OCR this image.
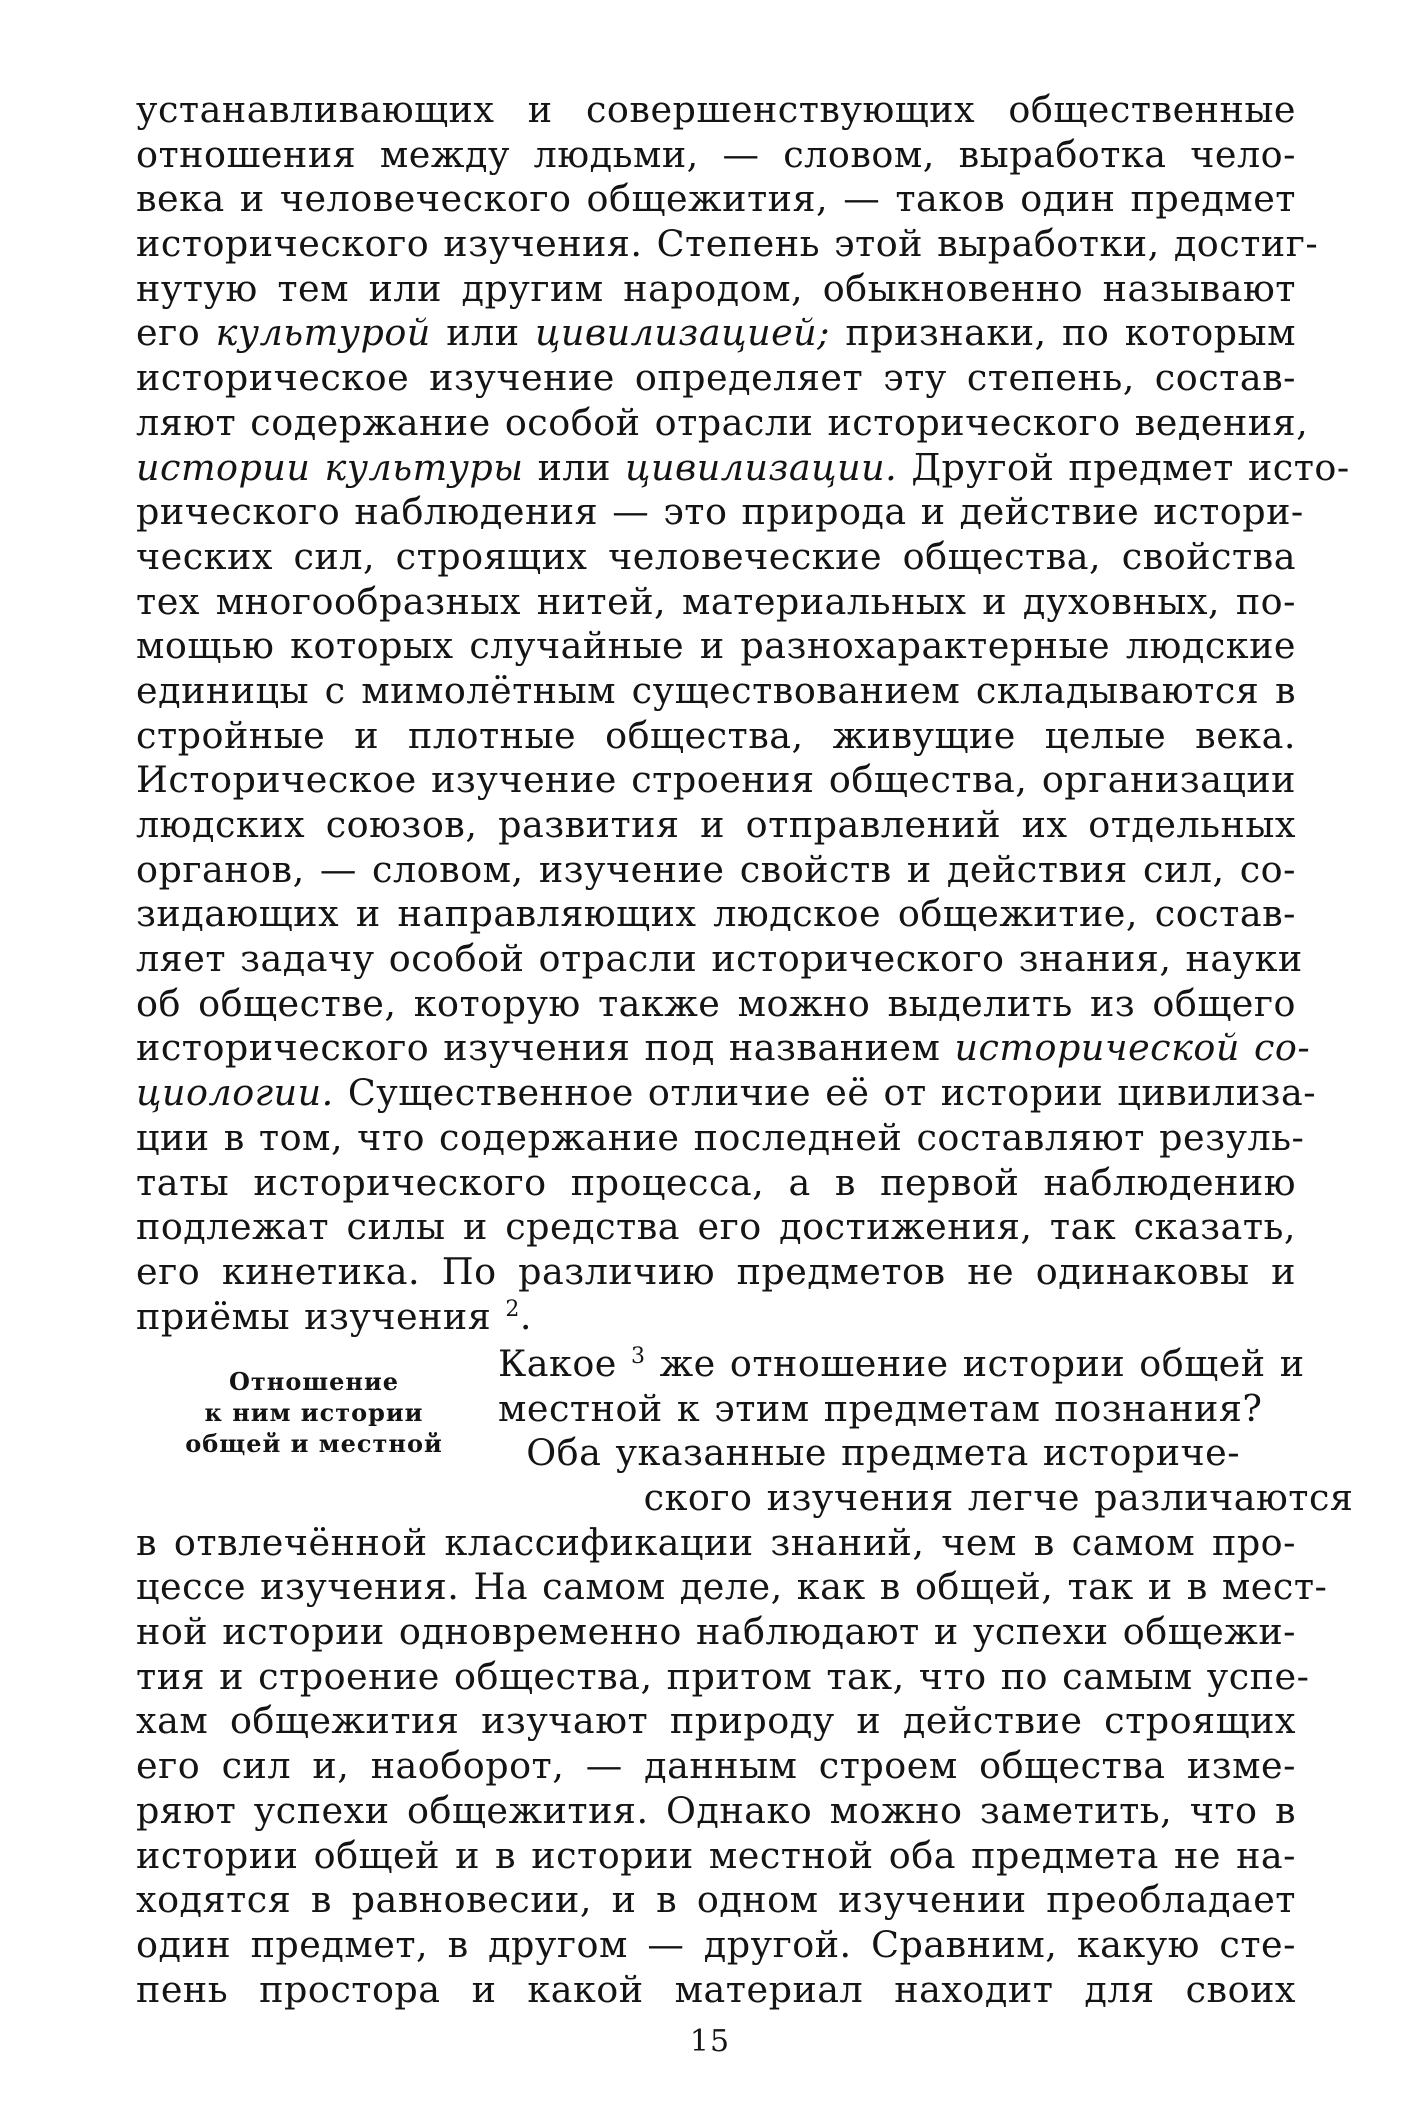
устанавливающих и совершенствующих общественные
отношения между людьми, — словом, выработка чело-
века и человеческого общежития, — таков один предмет
исторического изучения. Степень этой выработки, достиг-
нутую тем или другим народом, обыкновенно называют
его культурой или цивилизацией; признаки, по которым
историческое изучение определяет эту степень, состав-
ляют содержание особой отрасли исторического ведения,
истории культуры или цивилизации. Другой предмет исто-
рического наблюдения — это природа и действие истори-
ческих сил, строящих человеческие общества, свойства
тех многообразных нитей, материальных и духовных, по-
мощью которых случайные и разнохарактерные людские
единицы с мимолётным существованием складываются в
стройные и плотные общества, живущие целые века.
Историческое изучение строения общества, организации
людских союзов, развития и отправлений их отдельных
органов, — словом, изучение свойств и действия сил, со-
зидающих и направляющих людское общежитие, состав-
ляет задачу особой отрасли исторического знания, науки
об обществе, которую также можно выделить из общего
исторического изучения под названием исторической со-
циологии. Существенное отличие её от истории цивилиза-
ции в том, что содержание последней составляют резуль-
таты исторического процесса, а в первой наблюдению
подлежат силы и средства его достижения, так сказать,
его кинетика. По различию предметов не одинаковы и
приёмы изучения $^2$.
Отношение
к ним истории
общей и местной
Какое $^3$ же отношение истории общей и
местной к этим предметам познания?
Оба указанные предмета историче-
ского изучения легче различаются
в отвлечённой классификации знаний, чем в самом про-
цессе изучения. На самом деле, как в общей, так и в мест-
ной истории одновременно наблюдают и успехи общежи-
тия и строение общества, притом так, что по самым успе-
хам общежития изучают природу и действие строящих
его сил и, наоборот, — данным строем общества изме-
ряют успехи общежития. Однако можно заметить, что в
истории общей и в истории местной оба предмета не на-
ходятся в равновесии, и в одном изучении преобладает
один предмет, в другом — другой. Сравним, какую сте-
пень простора и какой материал находит для своих
15
